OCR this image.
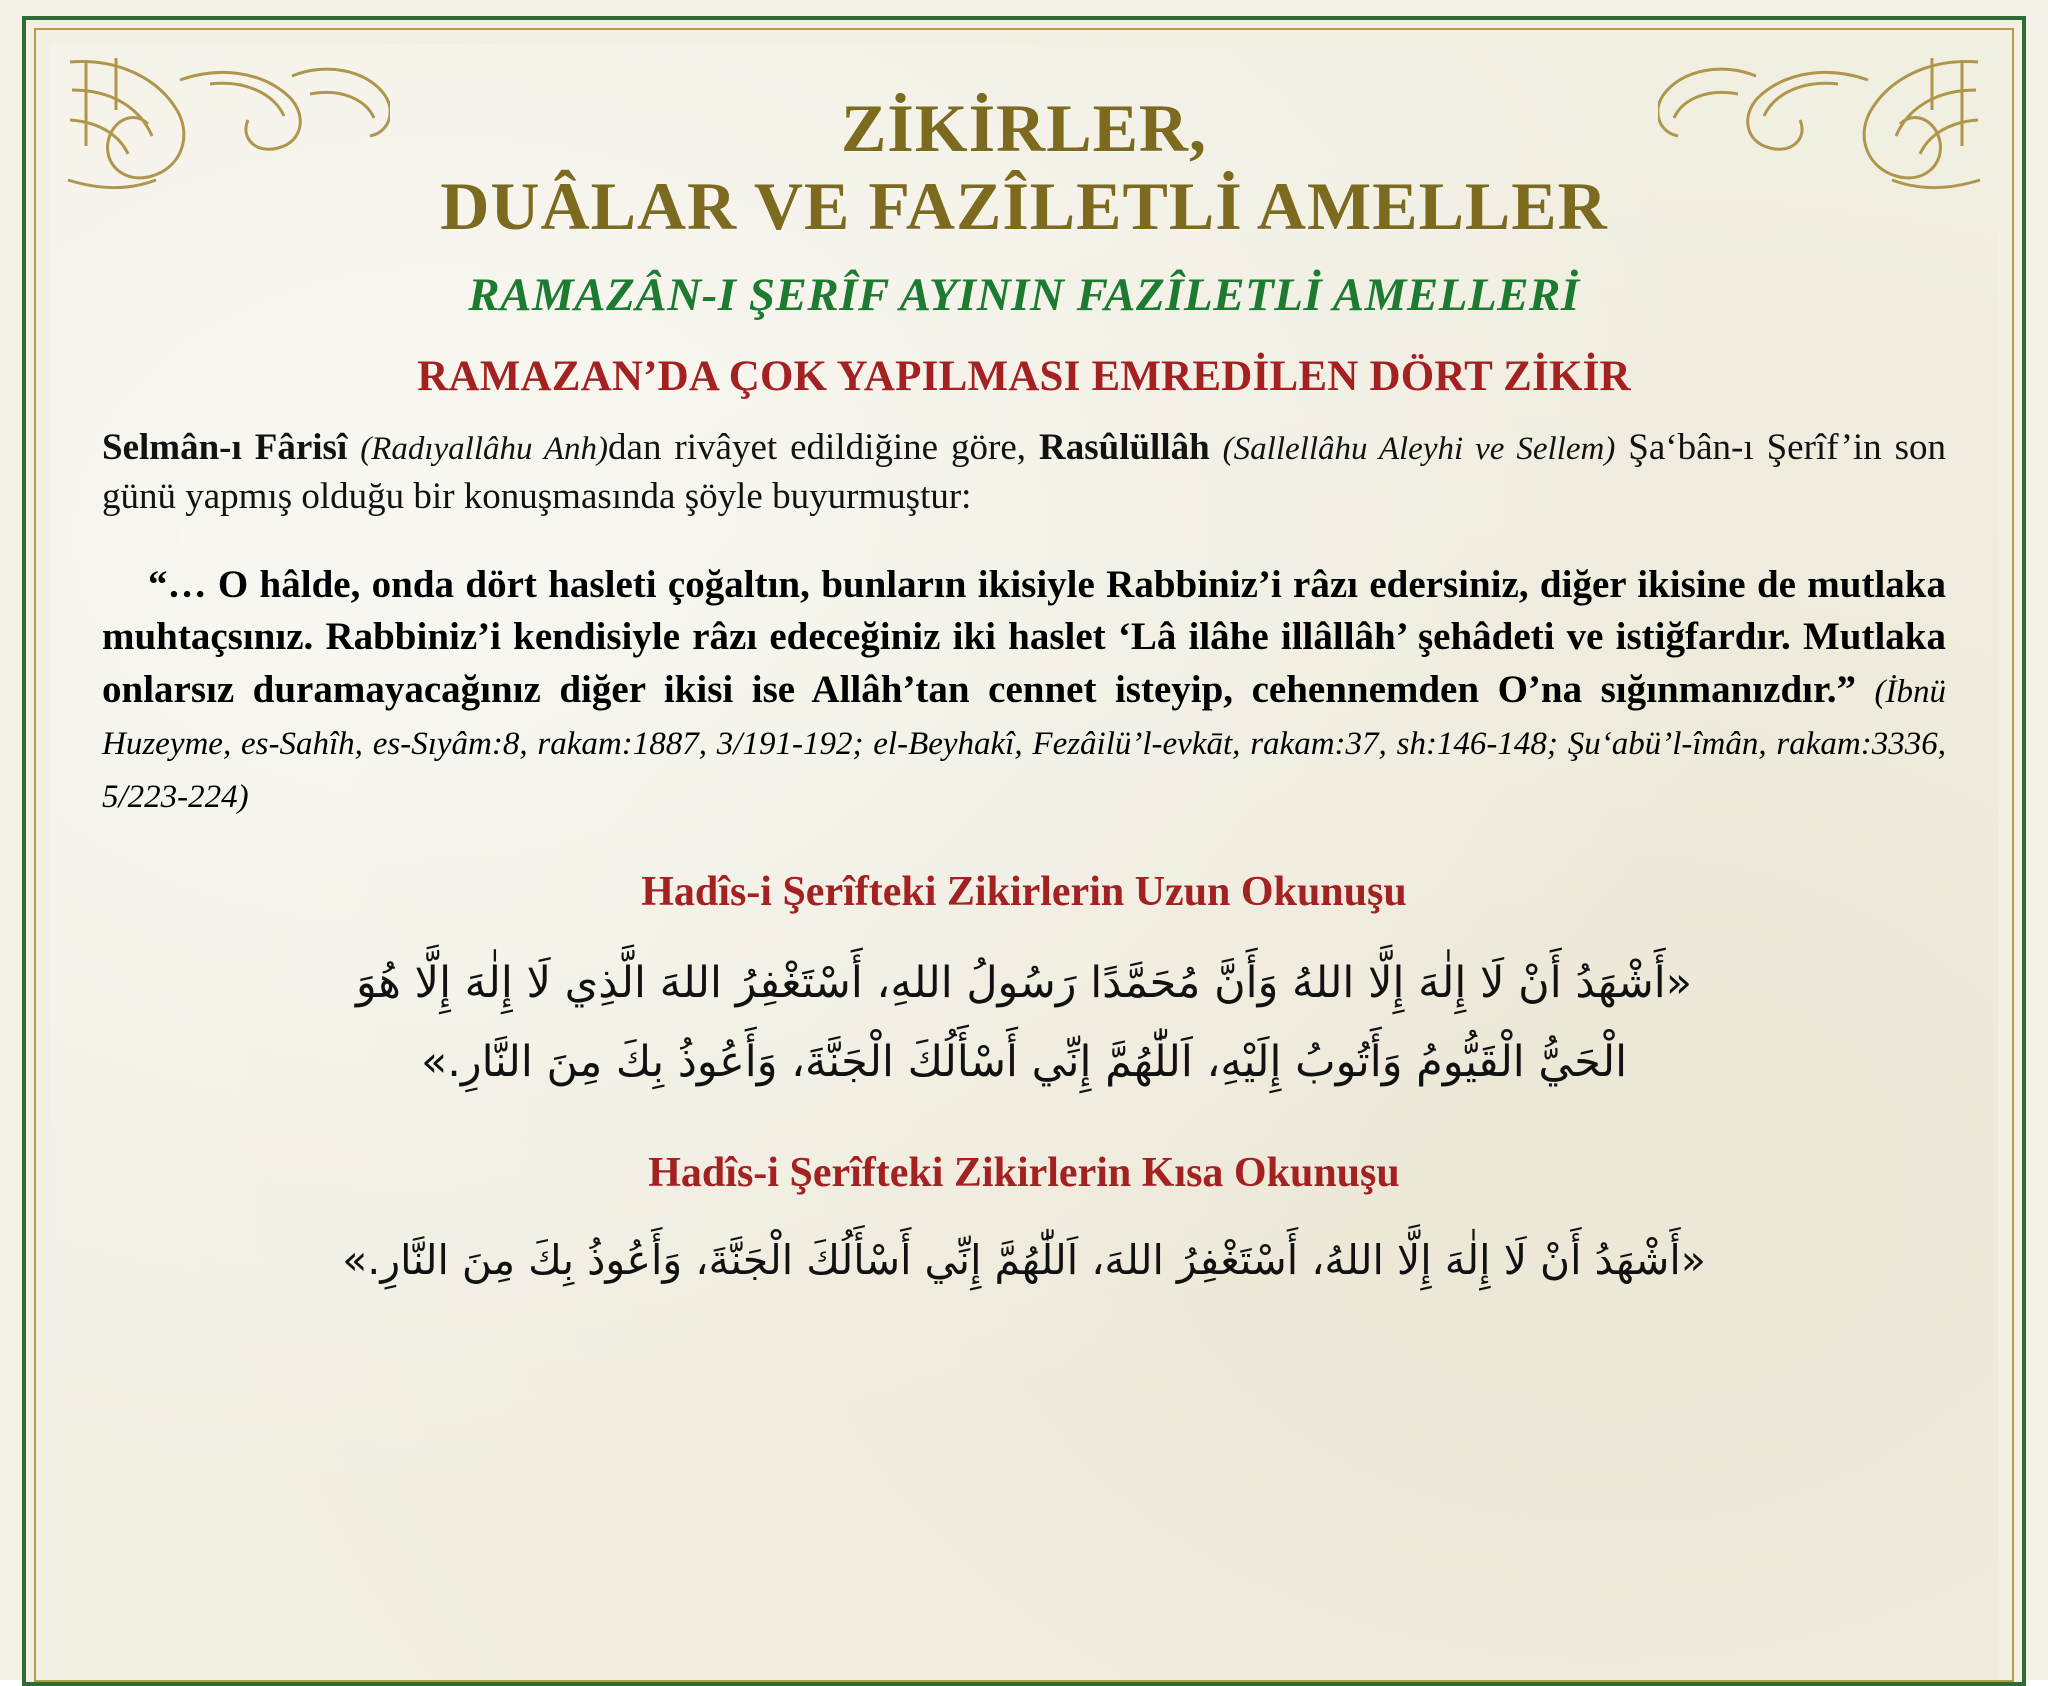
ZİKİRLER,
DUÂLAR VE FAZÎLETLİ AMELLER
RAMAZÂN-I ŞERÎF AYININ FAZÎLETLİ AMELLERİ
RAMAZAN’DA ÇOK YAPILMASI EMREDİLEN DÖRT ZİKİR

Selmân-ı Fârisî (Radıyallâhu Anh)dan rivâyet edildiğine göre, Rasûlüllâh (Sallellâhu Aleyhi ve Sellem) Şa‘bân-ı Şerîf’in son günü yapmış olduğu bir konuşmasında şöyle buyurmuştur:

“… O hâlde, onda dört hasleti çoğaltın, bunların ikisiyle Rabbiniz’i râzı edersiniz, diğer ikisine de mutlaka muhtaçsınız. Rabbiniz’i kendisiyle râzı edeceğiniz iki haslet ‘Lâ ilâhe illâllâh’ şehâdeti ve istiğfardır. Mutlaka onlarsız duramayacağınız diğer ikisi ise Allâh’tan cennet isteyip, cehennemden O’na sığınmanızdır.” (İbnü Huzeyme, es-Sahîh, es-Sıyâm:8, rakam:1887, 3/191-192; el-Beyhakî, Fezâilü’l-evkāt, rakam:37, sh:146-148; Şu‘abü’l-îmân, rakam:3336, 5/223-224)

Hadîs-i Şerîfteki Zikirlerin Uzun Okunuşu
«أَشْهَدُ أَنْ لَا إِلٰهَ إِلَّا اللهُ وَأَنَّ مُحَمَّدًا رَسُولُ اللهِ، أَسْتَغْفِرُ اللهَ الَّذِي لَا إِلٰهَ إِلَّا هُوَ
الْحَيُّ الْقَيُّومُ وَأَتُوبُ إِلَيْهِ، اَللّٰهُمَّ إِنِّي أَسْأَلُكَ الْجَنَّةَ، وَأَعُوذُ بِكَ مِنَ النَّارِ.»
Hadîs-i Şerîfteki Zikirlerin Kısa Okunuşu
«أَشْهَدُ أَنْ لَا إِلٰهَ إِلَّا اللهُ، أَسْتَغْفِرُ اللهَ، اَللّٰهُمَّ إِنِّي أَسْأَلُكَ الْجَنَّةَ، وَأَعُوذُ بِكَ مِنَ النَّارِ.»
